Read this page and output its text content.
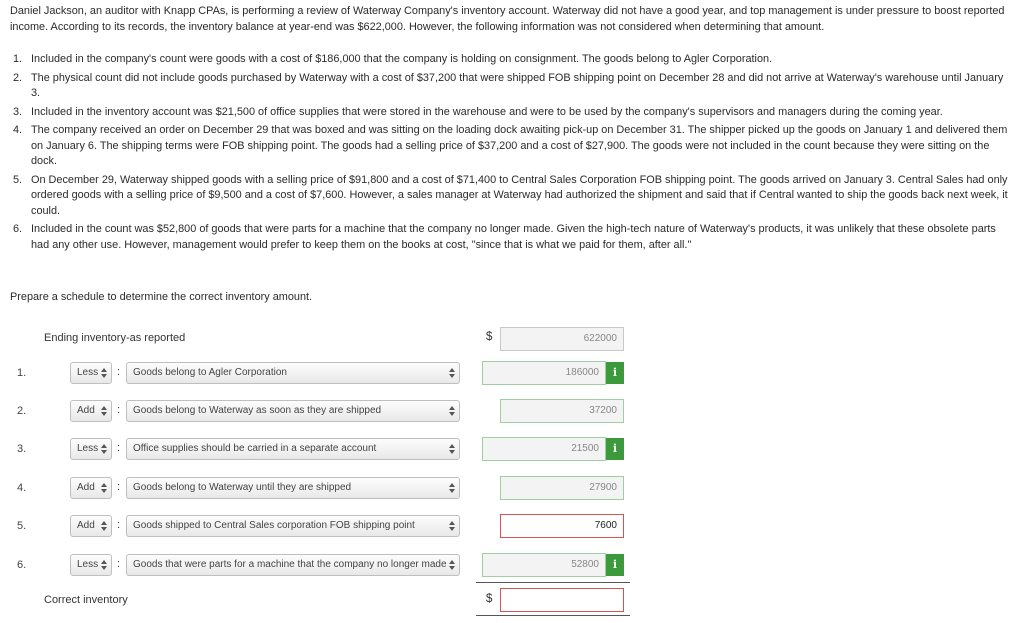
Daniel Jackson, an auditor with Knapp CPAs, is performing a review of Waterway Company's inventory account. Waterway did not have a good year, and top management is under pressure to boost reported income. According to its records, the inventory balance at year-end was $622,000. However, the following information was not considered when determining that amount.
1. Included in the company's count were goods with a cost of $186,000 that the company is holding on consignment. The goods belong to Agler Corporation.
2. The physical count did not include goods purchased by Waterway with a cost of $37,200 that were shipped FOB shipping point on December 28 and did not arrive at Waterway's warehouse until January 3.
3. Included in the inventory account was $21,500 of office supplies that were stored in the warehouse and were to be used by the company's supervisors and managers during the coming year.
4. The company received an order on December 29 that was boxed and was sitting on the loading dock awaiting pick-up on December 31. The shipper picked up the goods on January 1 and delivered them on January 6. The shipping terms were FOB shipping point. The goods had a selling price of $37,200 and a cost of $27,900. The goods were not included in the count because they were sitting on the dock.
5. On December 29, Waterway shipped goods with a selling price of $91,800 and a cost of $71,400 to Central Sales Corporation FOB shipping point. The goods arrived on January 3. Central Sales had only ordered goods with a selling price of $9,500 and a cost of $7,600. However, a sales manager at Waterway had authorized the shipment and said that if Central wanted to ship the goods back next week, it could.
6. Included in the count was $52,800 of goods that were parts for a machine that the company no longer made. Given the high-tech nature of Waterway's products, it was unlikely that these obsolete parts had any other use. However, management would prefer to keep them on the books at cost, "since that is what we paid for them, after all."
Prepare a schedule to determine the correct inventory amount.
Ending inventory-as reported	$	622000
1.	Less	:	Goods belong to Agler Corporation	186000	i
2.	Add	:	Goods belong to Waterway as soon as they are shipped	37200
3.	Less	:	Office supplies should be carried in a separate account	21500	i
4.	Add	:	Goods belong to Waterway until they are shipped	27900
5.	Add	:	Goods shipped to Central Sales corporation FOB shipping point	7600
6.	Less	:	Goods that were parts for a machine that the company no longer made	52800	i
Correct inventory	$
